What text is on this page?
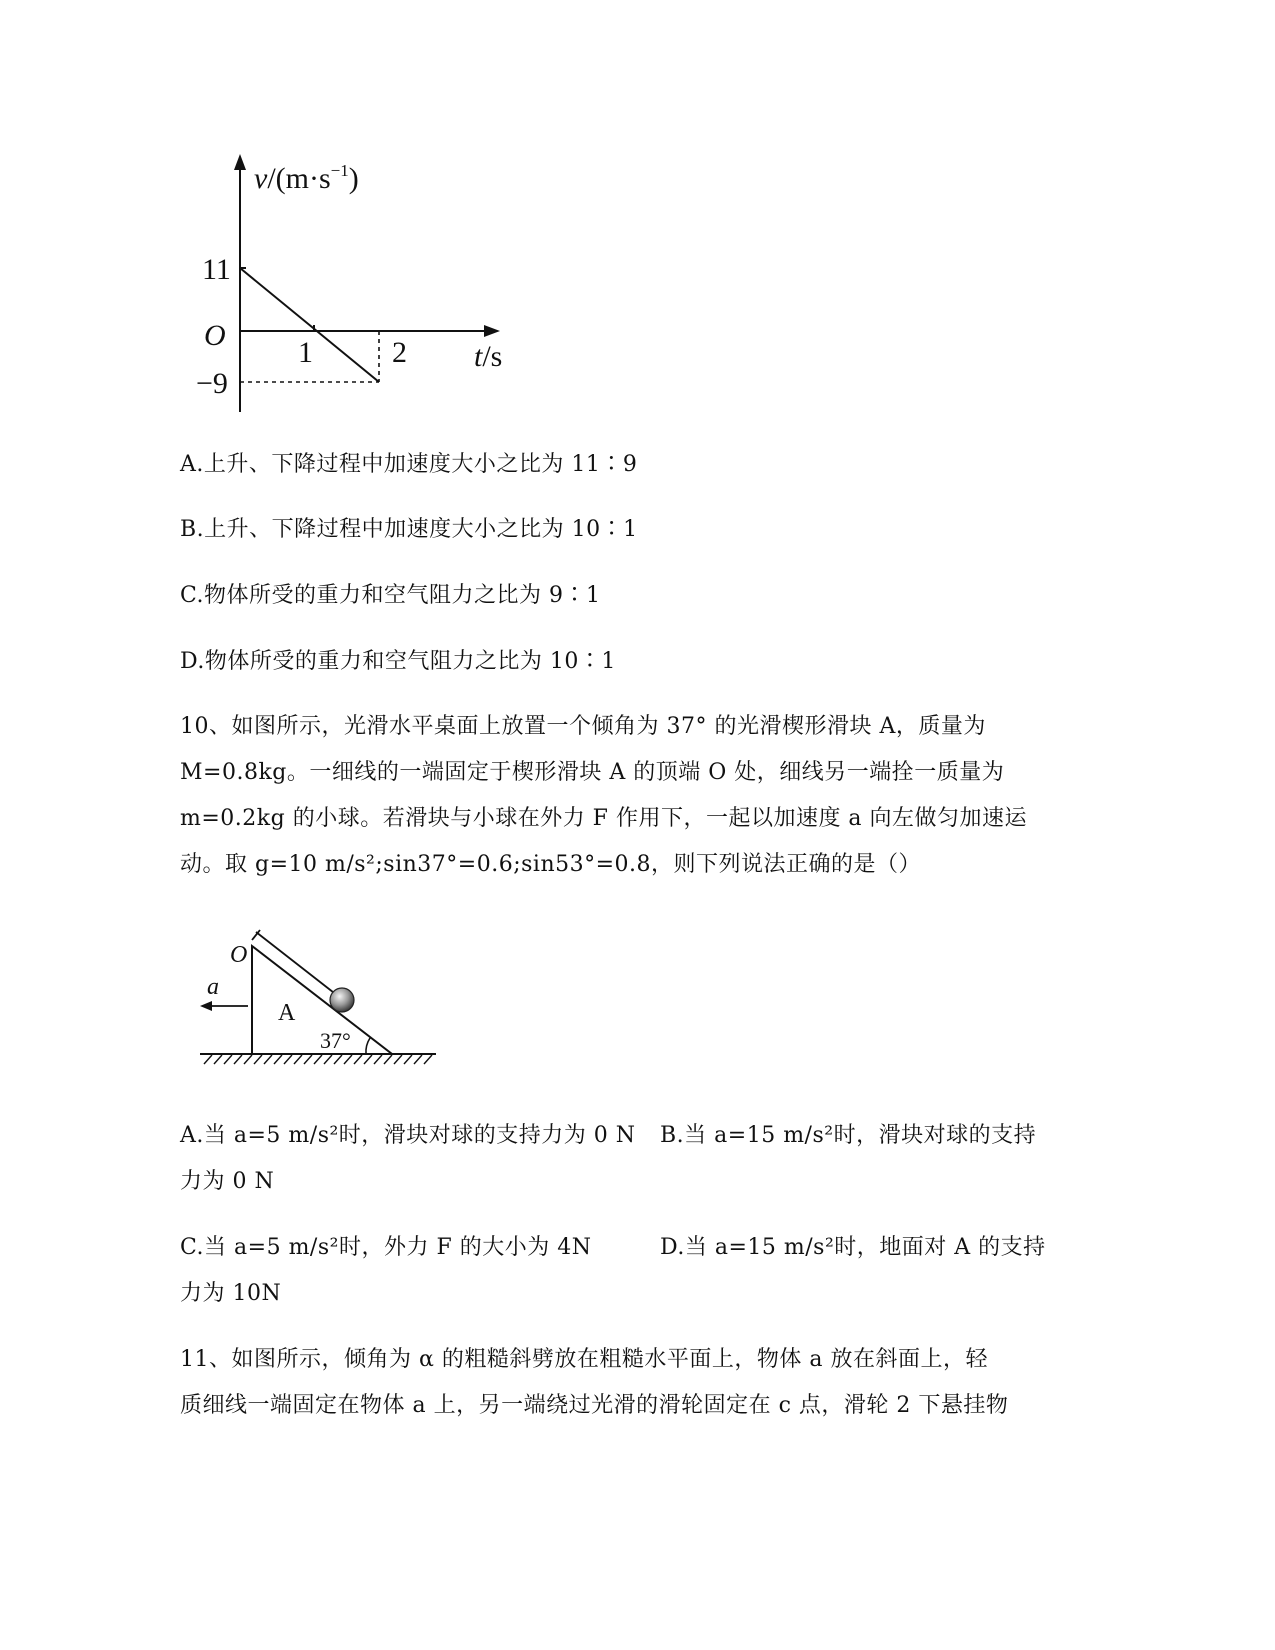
$v/(m\cdot s^{-1})$
11
O
1	2
−9
t/s
A.上升、下降过程中加速度大小之比为 11∶9
B.上升、下降过程中加速度大小之比为 10∶1
C.物体所受的重力和空气阻力之比为 9∶1
D.物体所受的重力和空气阻力之比为 10∶1
10、如图所示，光滑水平桌面上放置一个倾角为 37° 的光滑楔形滑块 A，质量为
M=0.8kg。一细线的一端固定于楔形滑块 A 的顶端 O 处，细线另一端拴一质量为
m=0.2kg 的小球。若滑块与小球在外力 F 作用下，一起以加速度 a 向左做匀加速运
动。取 g=10 m/s²;sin37°=0.6;sin53°=0.8，则下列说法正确的是（）
O
a
A
37°
A.当 a=5 m/s²时，滑块对球的支持力为 0 N B.当 a=15 m/s²时，滑块对球的支持
力为 0 N
C.当 a=5 m/s²时，外力 F 的大小为 4N	D.当 a=15 m/s²时，地面对 A 的支持
力为 10N
11、如图所示，倾角为 α 的粗糙斜劈放在粗糙水平面上，物体 a 放在斜面上，轻
质细线一端固定在物体 a 上，另一端绕过光滑的滑轮固定在 c 点，滑轮 2 下悬挂物
